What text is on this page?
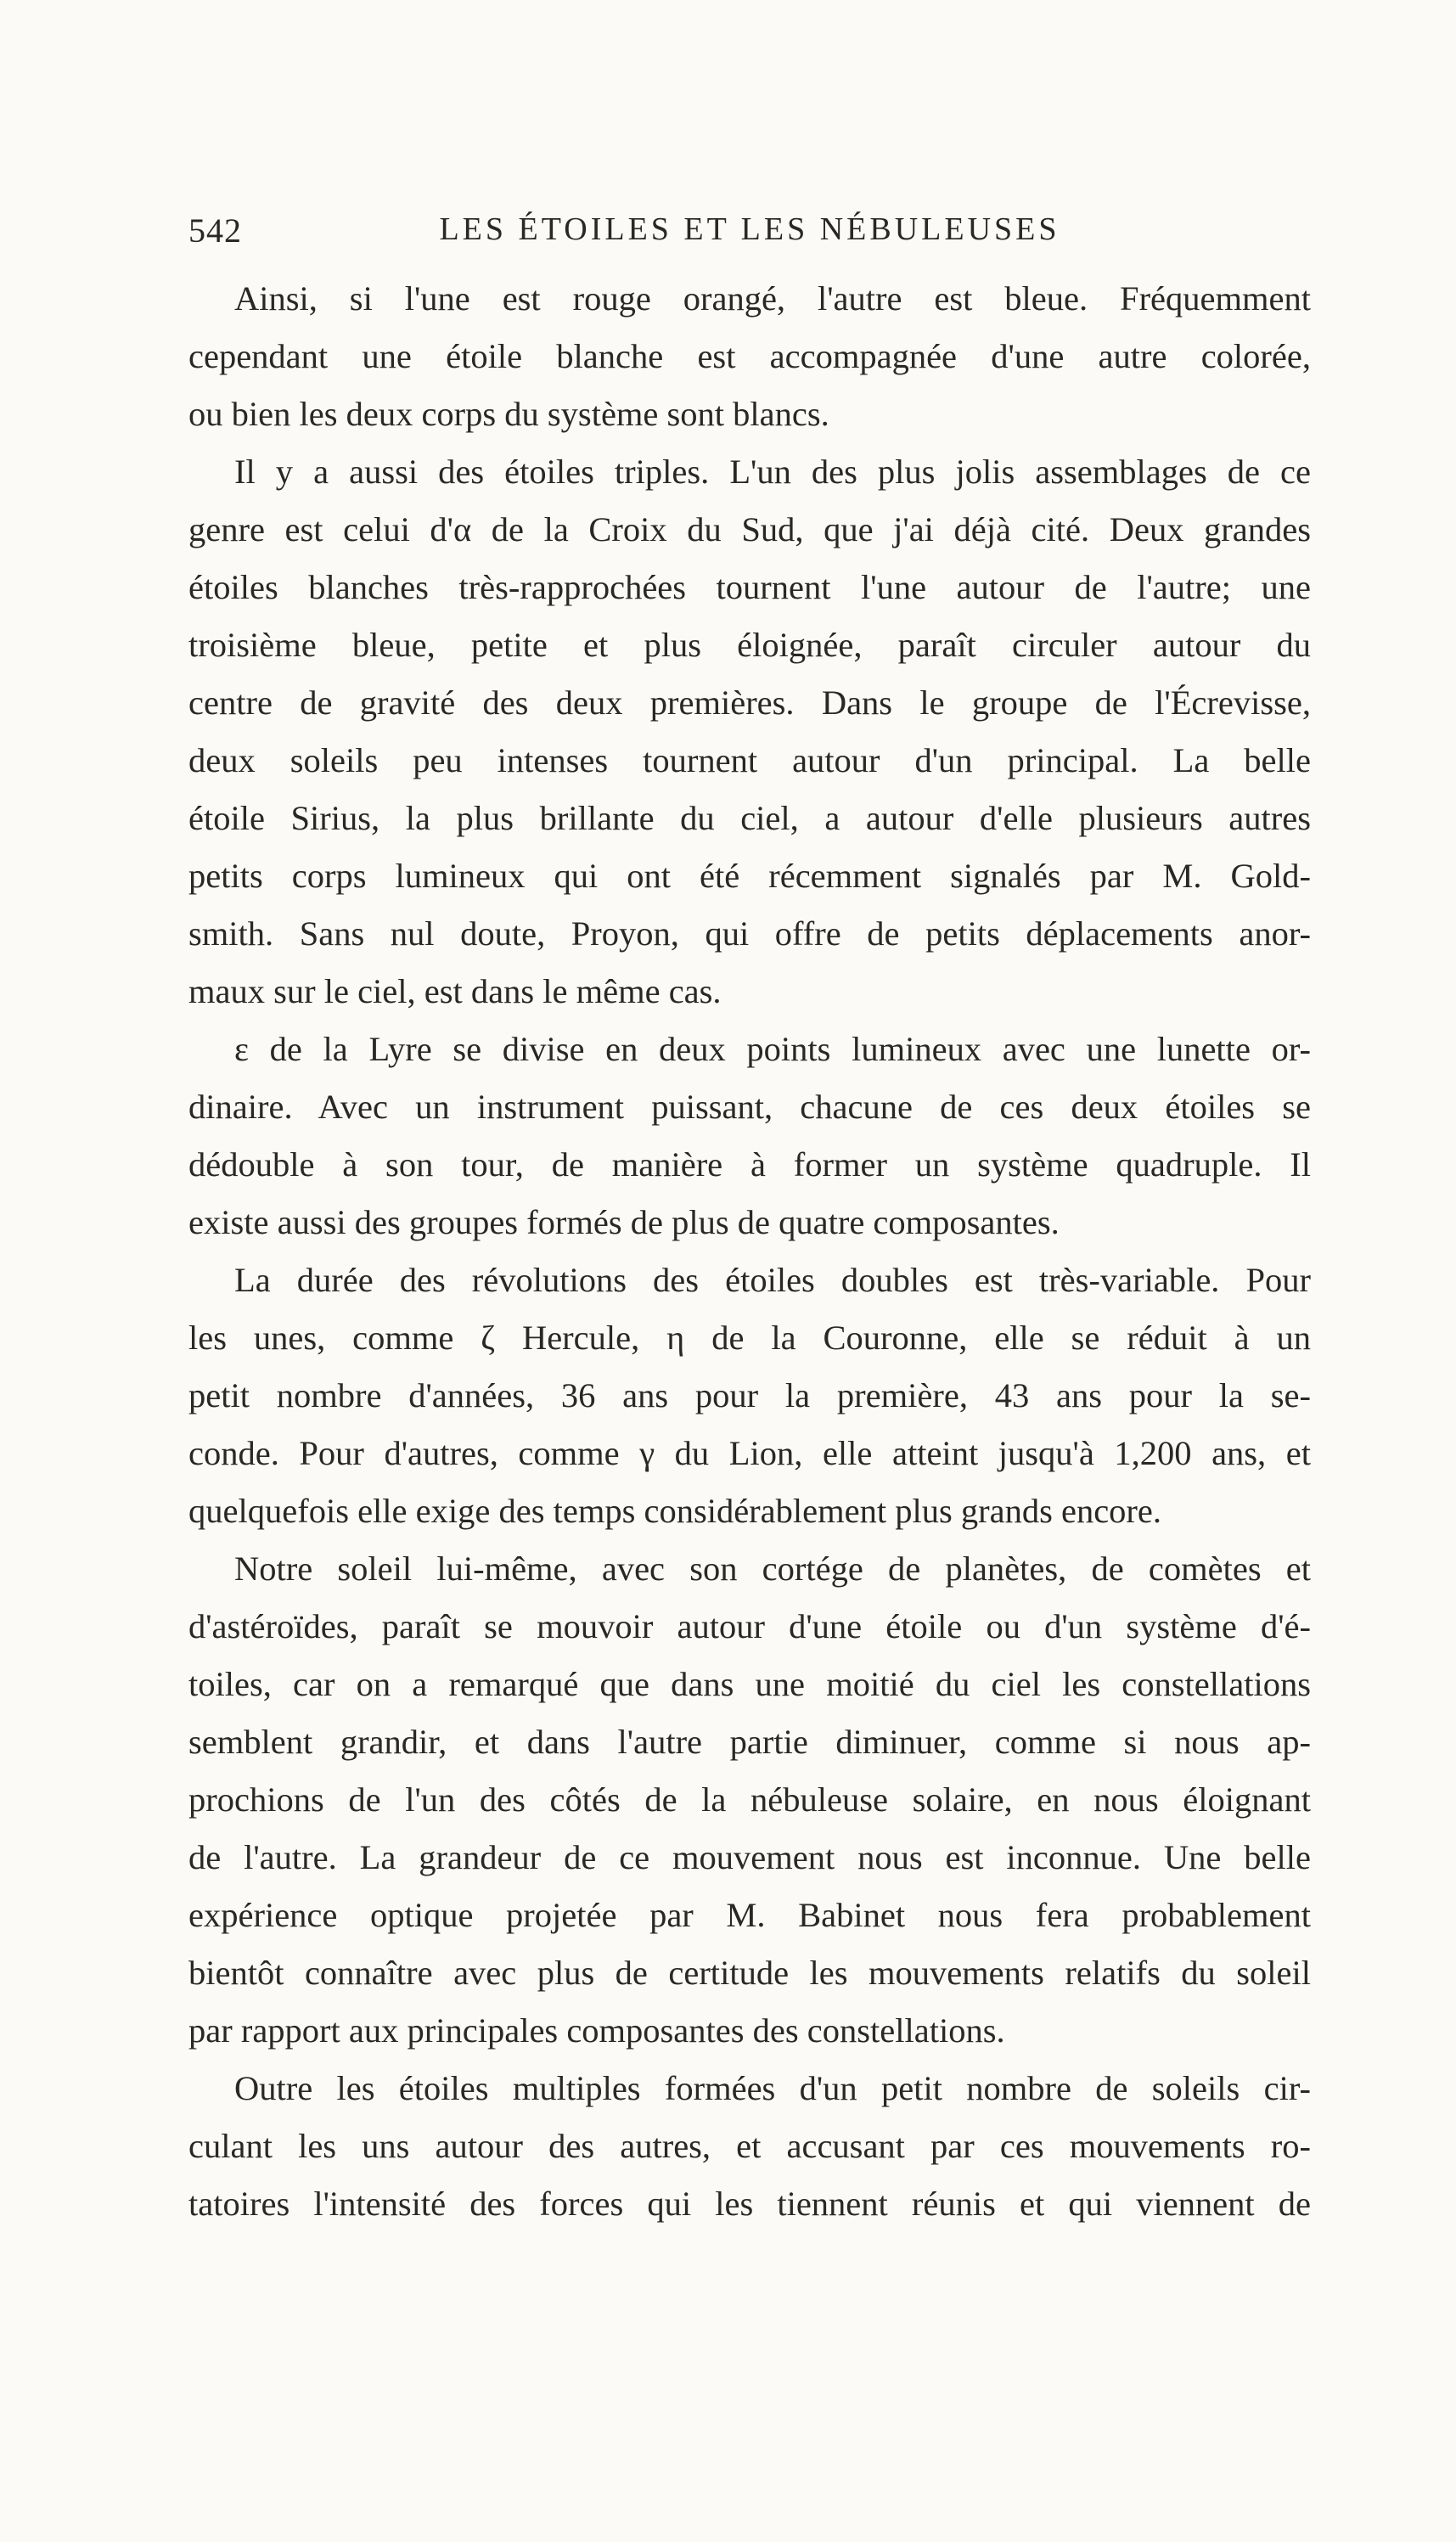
542	LES ÉTOILES ET LES NÉBULEUSES
Ainsi, si l'une est rouge orangé, l'autre est bleue. Fréquemment
cependant une étoile blanche est accompagnée d'une autre colorée,
ou bien les deux corps du système sont blancs.
Il y a aussi des étoiles triples. L'un des plus jolis assemblages de ce
genre est celui d'α de la Croix du Sud, que j'ai déjà cité. Deux grandes
étoiles blanches très-rapprochées tournent l'une autour de l'autre; une
troisième bleue, petite et plus éloignée, paraît circuler autour du
centre de gravité des deux premières. Dans le groupe de l'Écrevisse,
deux soleils peu intenses tournent autour d'un principal. La belle
étoile Sirius, la plus brillante du ciel, a autour d'elle plusieurs autres
petits corps lumineux qui ont été récemment signalés par M. Gold-
smith. Sans nul doute, Proyon, qui offre de petits déplacements anor-
maux sur le ciel, est dans le même cas.
ε de la Lyre se divise en deux points lumineux avec une lunette or-
dinaire. Avec un instrument puissant, chacune de ces deux étoiles se
dédouble à son tour, de manière à former un système quadruple. Il
existe aussi des groupes formés de plus de quatre composantes.
La durée des révolutions des étoiles doubles est très-variable. Pour
les unes, comme ζ Hercule, η de la Couronne, elle se réduit à un
petit nombre d'années, 36 ans pour la première, 43 ans pour la se-
conde. Pour d'autres, comme γ du Lion, elle atteint jusqu'à 1,200 ans, et
quelquefois elle exige des temps considérablement plus grands encore.
Notre soleil lui-même, avec son cortége de planètes, de comètes et
d'astéroïdes, paraît se mouvoir autour d'une étoile ou d'un système d'é-
toiles, car on a remarqué que dans une moitié du ciel les constellations
semblent grandir, et dans l'autre partie diminuer, comme si nous ap-
prochions de l'un des côtés de la nébuleuse solaire, en nous éloignant
de l'autre. La grandeur de ce mouvement nous est inconnue. Une belle
expérience optique projetée par M. Babinet nous fera probablement
bientôt connaître avec plus de certitude les mouvements relatifs du soleil
par rapport aux principales composantes des constellations.
Outre les étoiles multiples formées d'un petit nombre de soleils cir-
culant les uns autour des autres, et accusant par ces mouvements ro-
tatoires l'intensité des forces qui les tiennent réunis et qui viennent de
